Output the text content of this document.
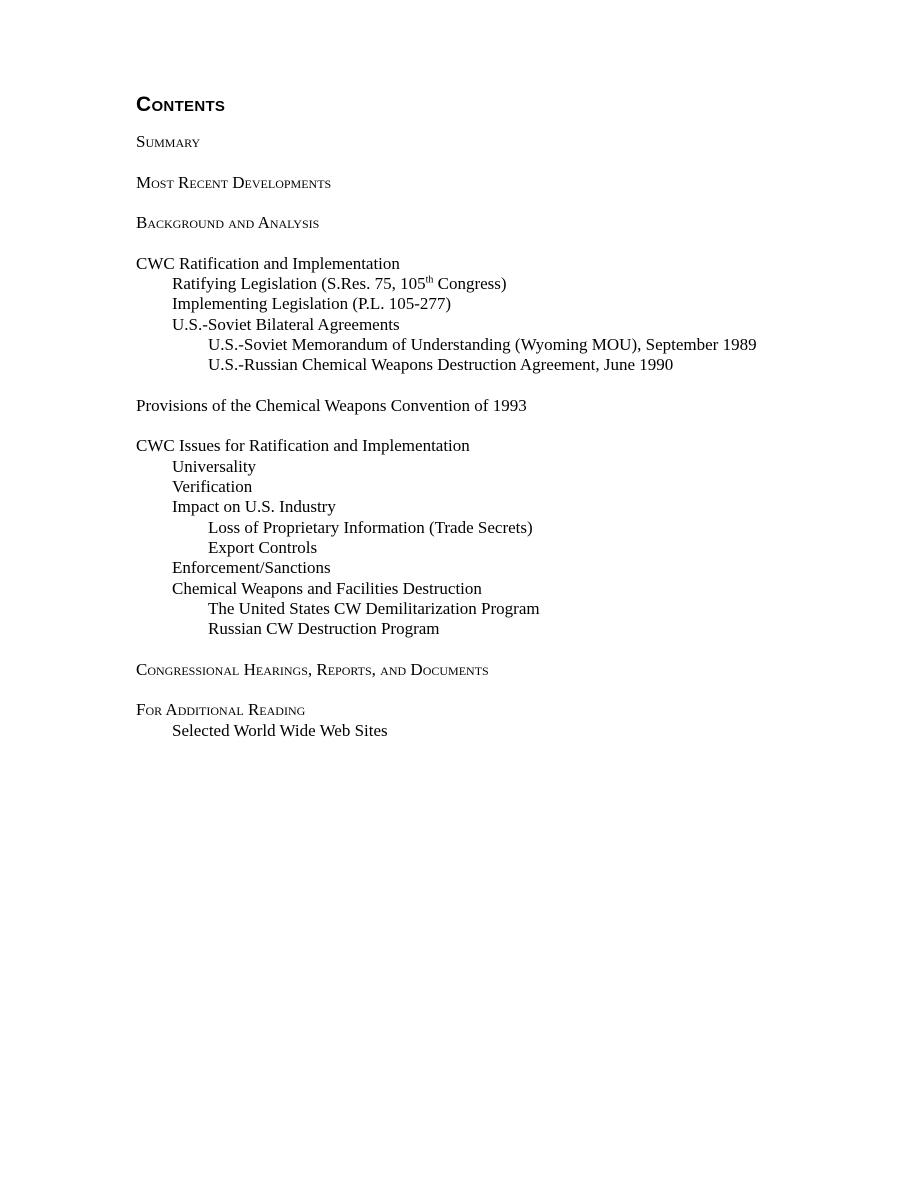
Contents
Summary
Most Recent Developments
Background and Analysis
CWC Ratification and Implementation
Ratifying Legislation (S.Res. 75, 105th Congress)
Implementing Legislation (P.L. 105-277)
U.S.-Soviet Bilateral Agreements
U.S.-Soviet Memorandum of Understanding (Wyoming MOU), September 1989
U.S.-Russian Chemical Weapons Destruction Agreement, June 1990
Provisions of the Chemical Weapons Convention of 1993
CWC Issues for Ratification and Implementation
Universality
Verification
Impact on U.S. Industry
Loss of Proprietary Information (Trade Secrets)
Export Controls
Enforcement/Sanctions
Chemical Weapons and Facilities Destruction
The United States CW Demilitarization Program
Russian CW Destruction Program
Congressional Hearings, Reports, and Documents
For Additional Reading
Selected World Wide Web Sites
